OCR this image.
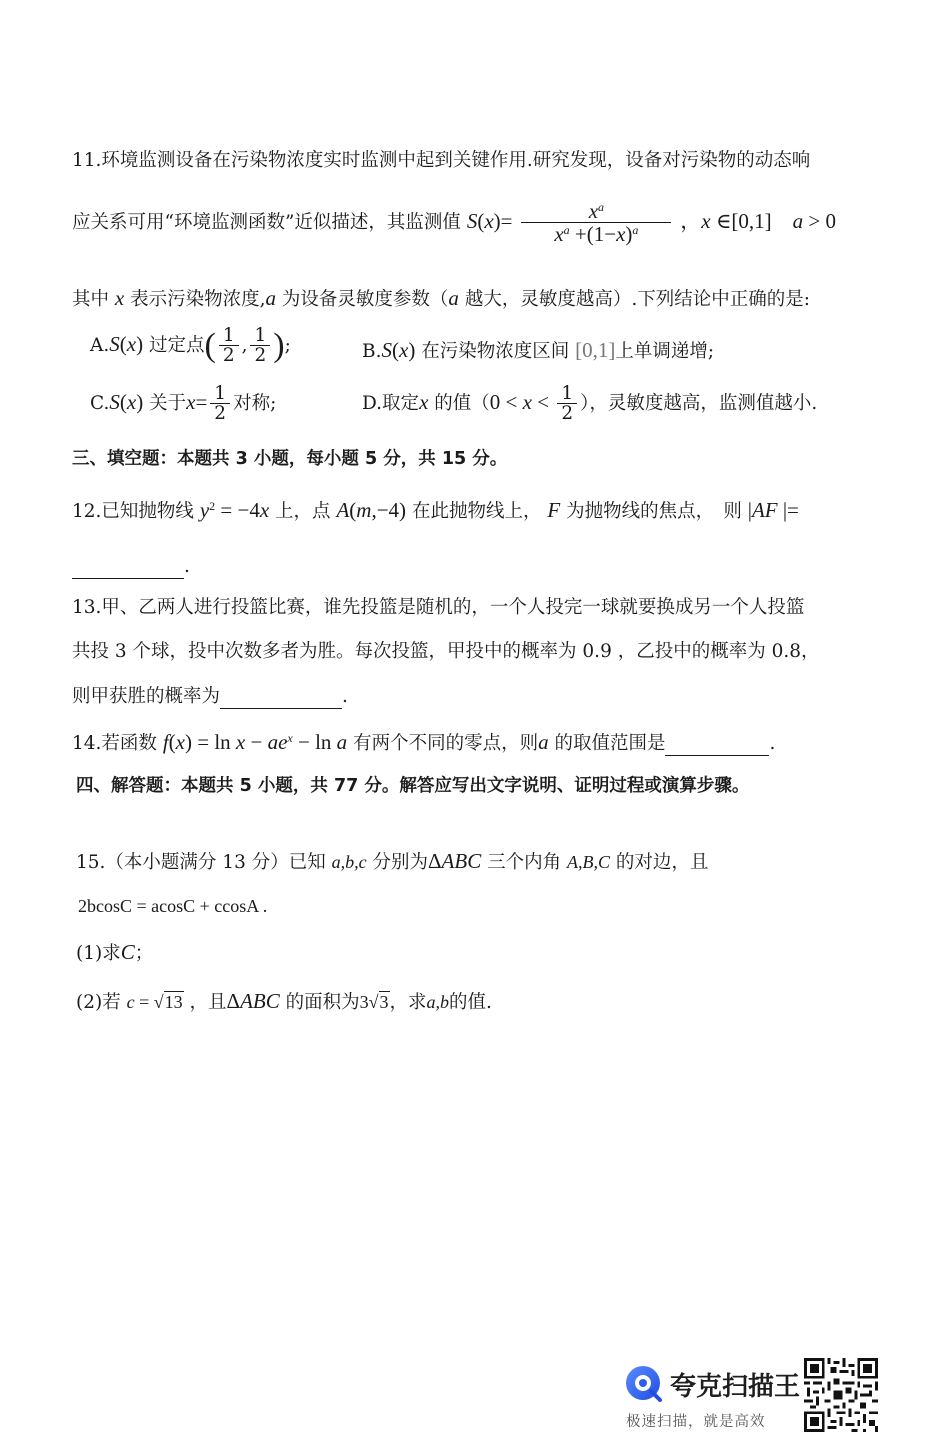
11.环境监测设备在污染物浓度实时监测中起到关键作用.研究发现，设备对污染物的动态响
应关系可用“环境监测函数”近似描述，其监测值 $S(x)= \frac{x^a}{x^a +(1-x)^a}$ ，x ∈[0,1]　a > 0
其中 x 表示污染物浓度,a 为设备灵敏度参数（a 越大，灵敏度越高）.下列结论中正确的是:
A.S(x) 过定点( $\frac{1}{2}$ , $\frac{1}{2}$ );	B.S(x) 在污染物浓度区间 [0,1]上单调递增;
C.S(x) 关于$x= \frac{1}{2}$ 对称;	D.取定x 的值（$0 < x < \frac{1}{2}$ ），灵敏度越高，监测值越小.
三、填空题：本题共 3 小题，每小题 5 分，共 15 分。
12.已知抛物线 $y^2 = -4x$ 上，点 A(m,−4) 在此抛物线上， F 为抛物线的焦点，　则 |AF |=
.
13.甲、乙两人进行投篮比赛，谁先投篮是随机的，一个人投完一球就要换成另一个人投篮
共投 3 个球，投中次数多者为胜。每次投篮，甲投中的概率为 0.9 ，乙投中的概率为 0.8，
则甲获胜的概率为	.
14.若函数 $f(x) = \ln x - ae^x - \ln a$ 有两个不同的零点，则a 的取值范围是	.
四、解答题：本题共 5 小题，共 77 分。解答应写出文字说明、证明过程或演算步骤。
15.（本小题满分 13 分）已知 a,b,c 分别为ΔABC 三个内角 A,B,C 的对边，且
2bcosC = acosC + ccosA .
(1)求C；
(2)若 c = √13 ，且ΔABC 的面积为3√3，求a,b的值.
夸克扫描王
极速扫描，就是高效
